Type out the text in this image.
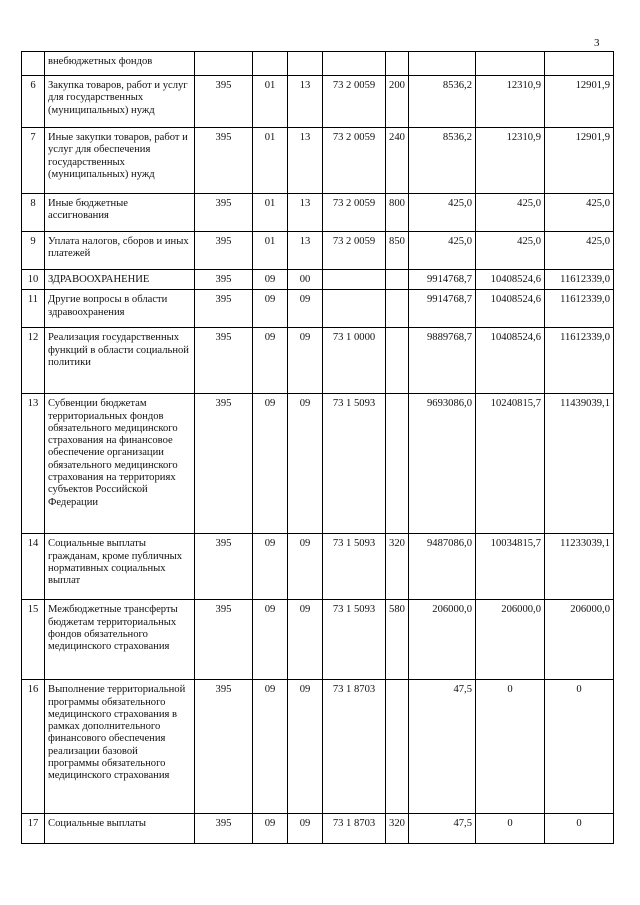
3
	внебюджетных фондов								
6	Закупка товаров, работ и услуг для государственных (муниципальных) нужд	395	01	13	73 2 0059	200	8536,2	12310,9	12901,9
7	Иные закупки товаров, работ и услуг для обеспечения государственных (муниципальных) нужд	395	01	13	73 2 0059	240	8536,2	12310,9	12901,9
8	Иные бюджетные ассигнования	395	01	13	73 2 0059	800	425,0	425,0	425,0
9	Уплата налогов, сборов и иных платежей	395	01	13	73 2 0059	850	425,0	425,0	425,0
10	ЗДРАВООХРАНЕНИЕ	395	09	00			9914768,7	10408524,6	11612339,0
11	Другие вопросы в области здравоохранения	395	09	09			9914768,7	10408524,6	11612339,0
12	Реализация государственных функций в области социальной политики	395	09	09	73 1 0000		9889768,7	10408524,6	11612339,0
13	Субвенции бюджетам территориальных фондов обязательного медицинского страхования на финансовое обеспечение организации обязательного медицинского страхования на территориях субъектов Российской Федерации	395	09	09	73 1 5093		9693086,0	10240815,7	11439039,1
14	Социальные выплаты гражданам, кроме публичных нормативных социальных выплат	395	09	09	73 1 5093	320	9487086,0	10034815,7	11233039,1
15	Межбюджетные трансферты бюджетам территориальных фондов обязательного медицинского страхования	395	09	09	73 1 5093	580	206000,0	206000,0	206000,0
16	Выполнение территориальной программы обязательного медицинского страхования в рамках дополнительного финансового обеспечения реализации базовой программы обязательного медицинского страхования	395	09	09	73 1 8703		47,5	0	0
17	Социальные выплаты	395	09	09	73 1 8703	320	47,5	0	0
